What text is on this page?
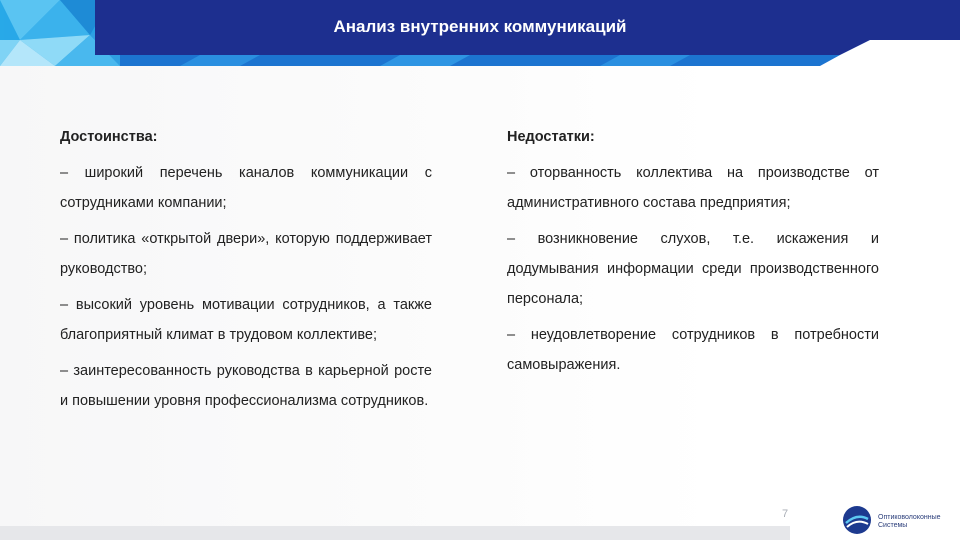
Анализ внутренних коммуникаций
Достоинства:
– широкий перечень каналов коммуникации с сотрудниками компании;
– политика «открытой двери», которую поддерживает руководство;
– высокий уровень мотивации сотрудников, а также благоприятный климат в трудовом коллективе;
– заинтересованность руководства в карьерной росте и повышении уровня профессионализма сотрудников.
Недостатки:
– оторванность коллектива на производстве от административного состава предприятия;
– возникновение слухов, т.е. искажения и додумывания информации среди производственного персонала;
– неудовлетворение сотрудников в потребности самовыражения.
7	Оптиковолоконные
Системы
